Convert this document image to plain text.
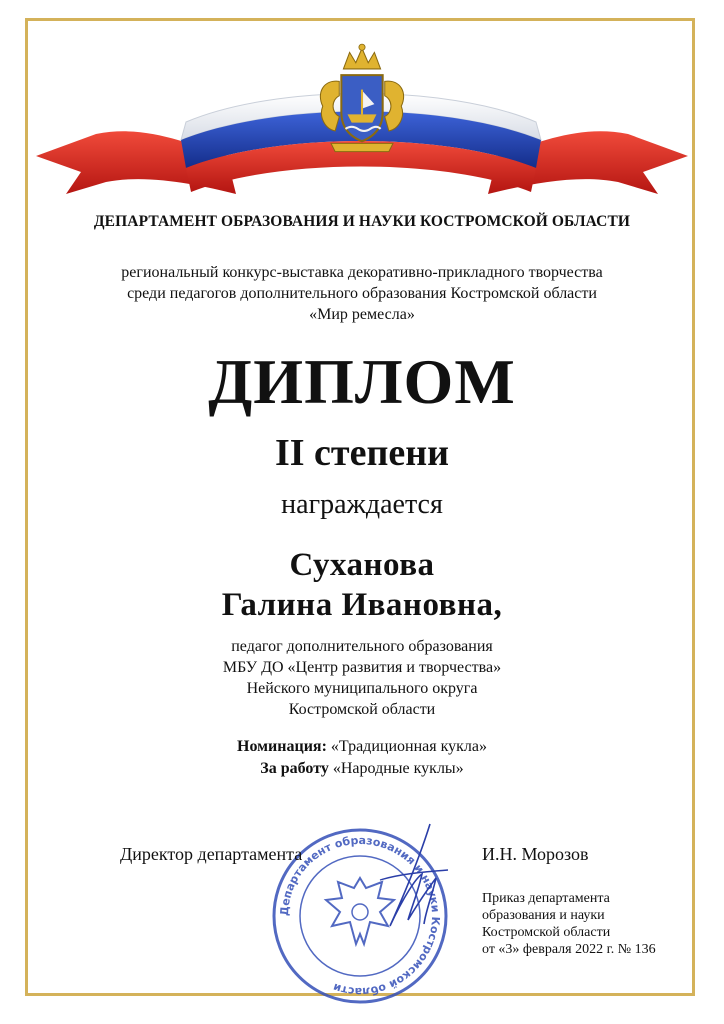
ДЕПАРТАМЕНТ ОБРАЗОВАНИЯ И НАУКИ КОСТРОМСКОЙ ОБЛАСТИ
региональный конкурс-выставка декоративно-прикладного творчества
среди педагогов дополнительного образования Костромской области
«Мир ремесла»
ДИПЛОМ
II степени
награждается
Суханова
Галина Ивановна,
педагог дополнительного образования
МБУ ДО «Центр развития и творчества»
Нейского муниципального округа
Костромской области
Номинация: «Традиционная кукла»
За работу «Народные куклы»
Департамент образования и науки Костромской области
Директор департамента	И.Н. Морозов
Приказ департамента
образования и науки
Костромской области
от «3» февраля 2022 г. № 136
